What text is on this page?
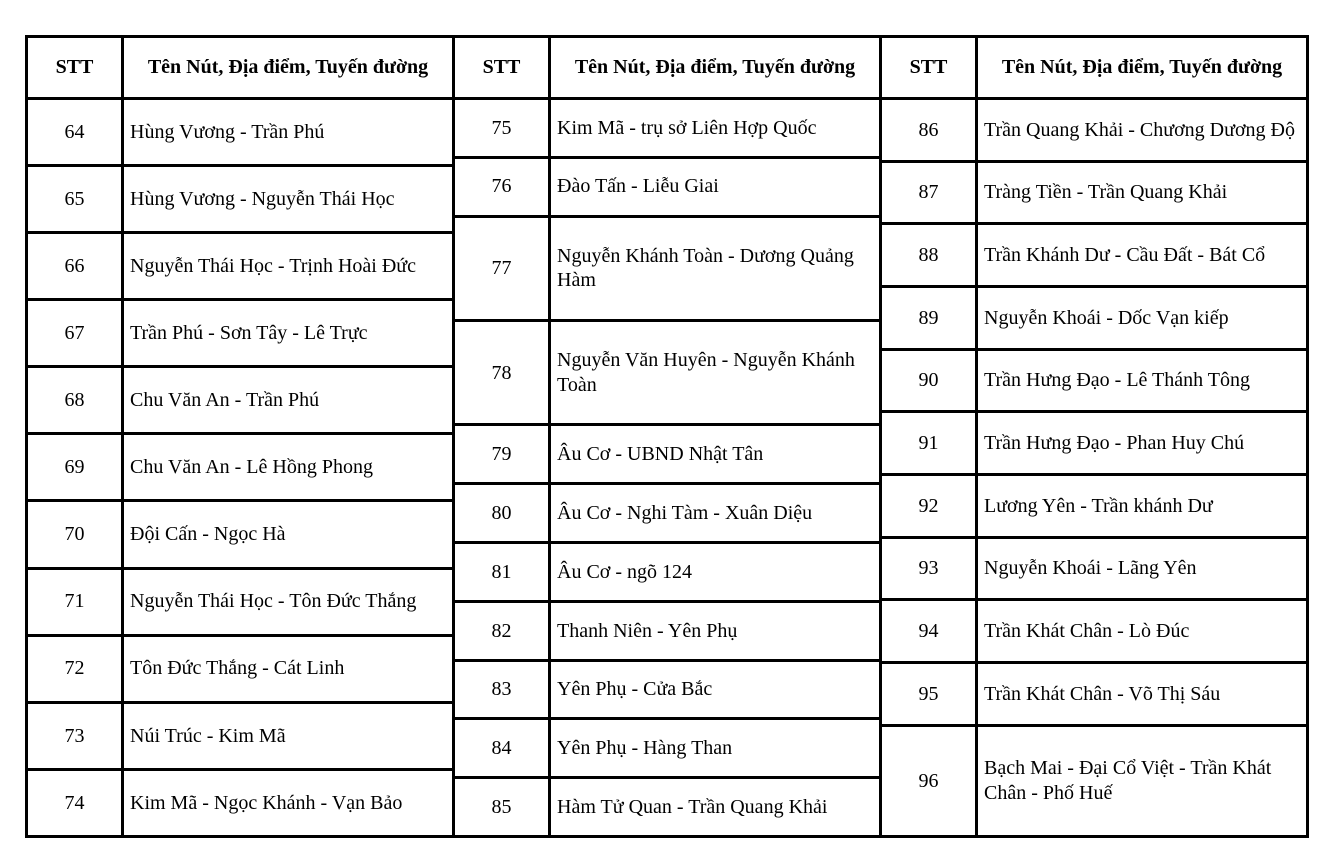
STT	Tên Nút, Địa điểm, Tuyến đường
64	Hùng Vương - Trần Phú
65	Hùng Vương - Nguyễn Thái Học
66	Nguyễn Thái Học - Trịnh Hoài Đức
67	Trần Phú - Sơn Tây - Lê Trực
68	Chu Văn An - Trần Phú
69	Chu Văn An - Lê Hồng Phong
70	Đội Cấn - Ngọc Hà
71	Nguyễn Thái Học - Tôn Đức Thắng
72	Tôn Đức Thắng - Cát Linh
73	Núi Trúc - Kim Mã
74	Kim Mã - Ngọc Khánh - Vạn Bảo
STT	Tên Nút, Địa điểm, Tuyến đường
75	Kim Mã - trụ sở Liên Hợp Quốc
76	Đào Tấn - Liễu Giai
77	Nguyễn Khánh Toàn - Dương Quảng Hàm
78	Nguyễn Văn Huyên - Nguyễn Khánh Toàn
79	Âu Cơ - UBND Nhật Tân
80	Âu Cơ - Nghi Tàm - Xuân Diệu
81	Âu Cơ - ngõ 124
82	Thanh Niên - Yên Phụ
83	Yên Phụ - Cửa Bắc
84	Yên Phụ - Hàng Than
85	Hàm Tử Quan - Trần Quang Khải
STT	Tên Nút, Địa điểm, Tuyến đường
86	Trần Quang Khải - Chương Dương Độ
87	Tràng Tiền - Trần Quang Khải
88	Trần Khánh Dư - Cầu Đất - Bát Cổ
89	Nguyễn Khoái - Dốc Vạn kiếp
90	Trần Hưng Đạo - Lê Thánh Tông
91	Trần Hưng Đạo - Phan Huy Chú
92	Lương Yên - Trần khánh Dư
93	Nguyễn Khoái - Lãng Yên
94	Trần Khát Chân - Lò Đúc
95	Trần Khát Chân - Võ Thị Sáu
96	Bạch Mai - Đại Cổ Việt - Trần Khát Chân - Phố Huế
